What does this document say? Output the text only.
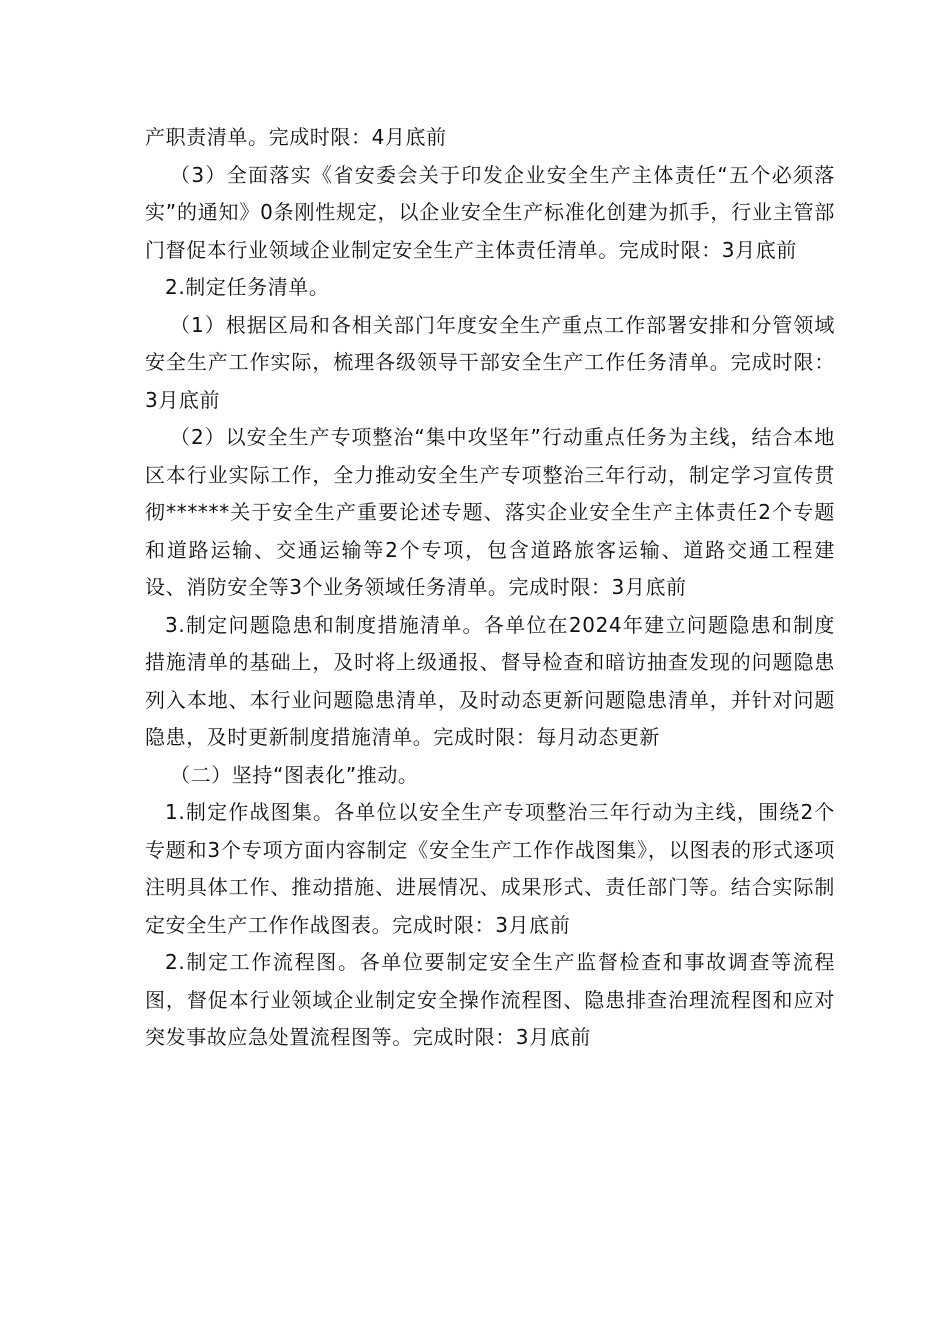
产职责清单。完成时限：4月底前

（3）全面落实《省安委会关于印发企业安全生产主体责任“五个必须落实”的通知》0条刚性规定，以企业安全生产标准化创建为抓手，行业主管部门督促本行业领域企业制定安全生产主体责任清单。完成时限：3月底前

2.制定任务清单。

（1）根据区局和各相关部门年度安全生产重点工作部署安排和分管领域安全生产工作实际，梳理各级领导干部安全生产工作任务清单。完成时限：3月底前

（2）以安全生产专项整治“集中攻坚年”行动重点任务为主线，结合本地区本行业实际工作，全力推动安全生产专项整治三年行动，制定学习宣传贯彻******关于安全生产重要论述专题、落实企业安全生产主体责任2个专题和道路运输、交通运输等2个专项，包含道路旅客运输、道路交通工程建设、消防安全等3个业务领域任务清单。完成时限：3月底前

3.制定问题隐患和制度措施清单。各单位在2024年建立问题隐患和制度措施清单的基础上，及时将上级通报、督导检查和暗访抽查发现的问题隐患列入本地、本行业问题隐患清单，及时动态更新问题隐患清单，并针对问题隐患，及时更新制度措施清单。完成时限：每月动态更新

（二）坚持“图表化”推动。

1.制定作战图集。各单位以安全生产专项整治三年行动为主线，围绕2个专题和3个专项方面内容制定《安全生产工作作战图集》，以图表的形式逐项注明具体工作、推动措施、进展情况、成果形式、责任部门等。结合实际制定安全生产工作作战图表。完成时限：3月底前

2.制定工作流程图。各单位要制定安全生产监督检查和事故调查等流程图，督促本行业领域企业制定安全操作流程图、隐患排查治理流程图和应对突发事故应急处置流程图等。完成时限：3月底前
